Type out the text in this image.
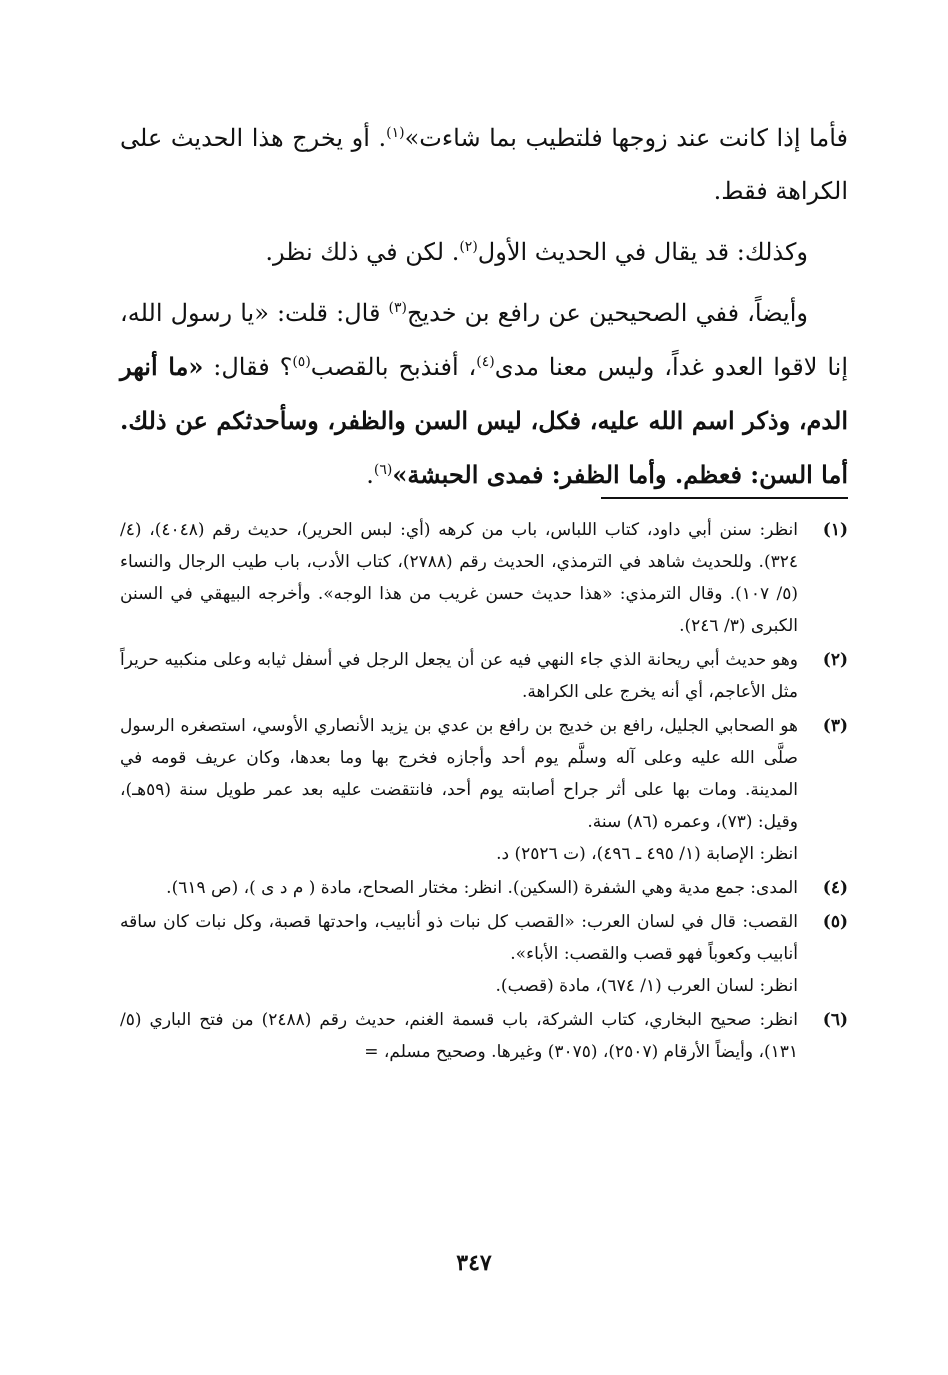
فأما إذا كانت عند زوجها فلتطيب بما شاءت»$^{(١)}$. أو يخرج هذا الحديث على الكراهة فقط.

وكذلك: قد يقال في الحديث الأول$^{(٢)}$. لكن في ذلك نظر.

وأيضاً، ففي الصحيحين عن رافع بن خديج$^{(٣)}$ قال: قلت: «يا رسول الله، إنا لاقوا العدو غداً، وليس معنا مدى$^{(٤)}$، أفنذبح بالقصب$^{(٥)}$؟ فقال: «ما أنهر الدم، وذكر اسم الله عليه، فكل، ليس السن والظفر، وسأحدثكم عن ذلك. أما السن: فعظم. وأما الظفر: فمدى الحبشة»$^{(٦)}$.

(١)
انظر: سنن أبي داود، كتاب اللباس، باب من كرهه (أي: لبس الحرير)، حديث رقم (٤٠٤٨)، (٤/ ٣٢٤). وللحديث شاهد في الترمذي، الحديث رقم (٢٧٨٨)، كتاب الأدب، باب طيب الرجال والنساء (٥/ ١٠٧). وقال الترمذي: «هذا حديث حسن غريب من هذا الوجه». وأخرجه البيهقي في السنن الكبرى (٣/ ٢٤٦).
(٢)
وهو حديث أبي ريحانة الذي جاء النهي فيه عن أن يجعل الرجل في أسفل ثيابه وعلى منكبيه حريراً مثل الأعاجم، أي أنه يخرج على الكراهة.
(٣)
هو الصحابي الجليل، رافع بن خديج بن رافع بن عدي بن يزيد الأنصاري الأوسي، استصغره الرسول صلَّى الله عليه وعلى آله وسلَّم يوم أحد وأجازه فخرج بها وما بعدها، وكان عريف قومه في المدينة. ومات بها على أثر جراح أصابته يوم أحد، فانتقضت عليه بعد عمر طويل سنة (٥٩هـ)، وقيل: (٧٣)، وعمره (٨٦) سنة.
انظر: الإصابة (١/ ٤٩٥ ـ ٤٩٦)، (ت ٢٥٢٦) د.
(٤)
المدى: جمع مدية وهي الشفرة (السكين). انظر: مختار الصحاح، مادة ( م د ى )، (ص ٦١٩).
(٥)
القصب: قال في لسان العرب: «القصب كل نبات ذو أنابيب، واحدتها قصبة، وكل نبات كان ساقه أنابيب وكعوباً فهو قصب والقصب: الأباء».
انظر: لسان العرب (١/ ٦٧٤)، مادة (قصب).
(٦)
انظر: صحيح البخاري، كتاب الشركة، باب قسمة الغنم، حديث رقم (٢٤٨٨) من فتح الباري (٥/ ١٣١)، وأيضاً الأرقام (٢٥٠٧)، (٣٠٧٥) وغيرها. وصحيح مسلم، =
٣٤٧
